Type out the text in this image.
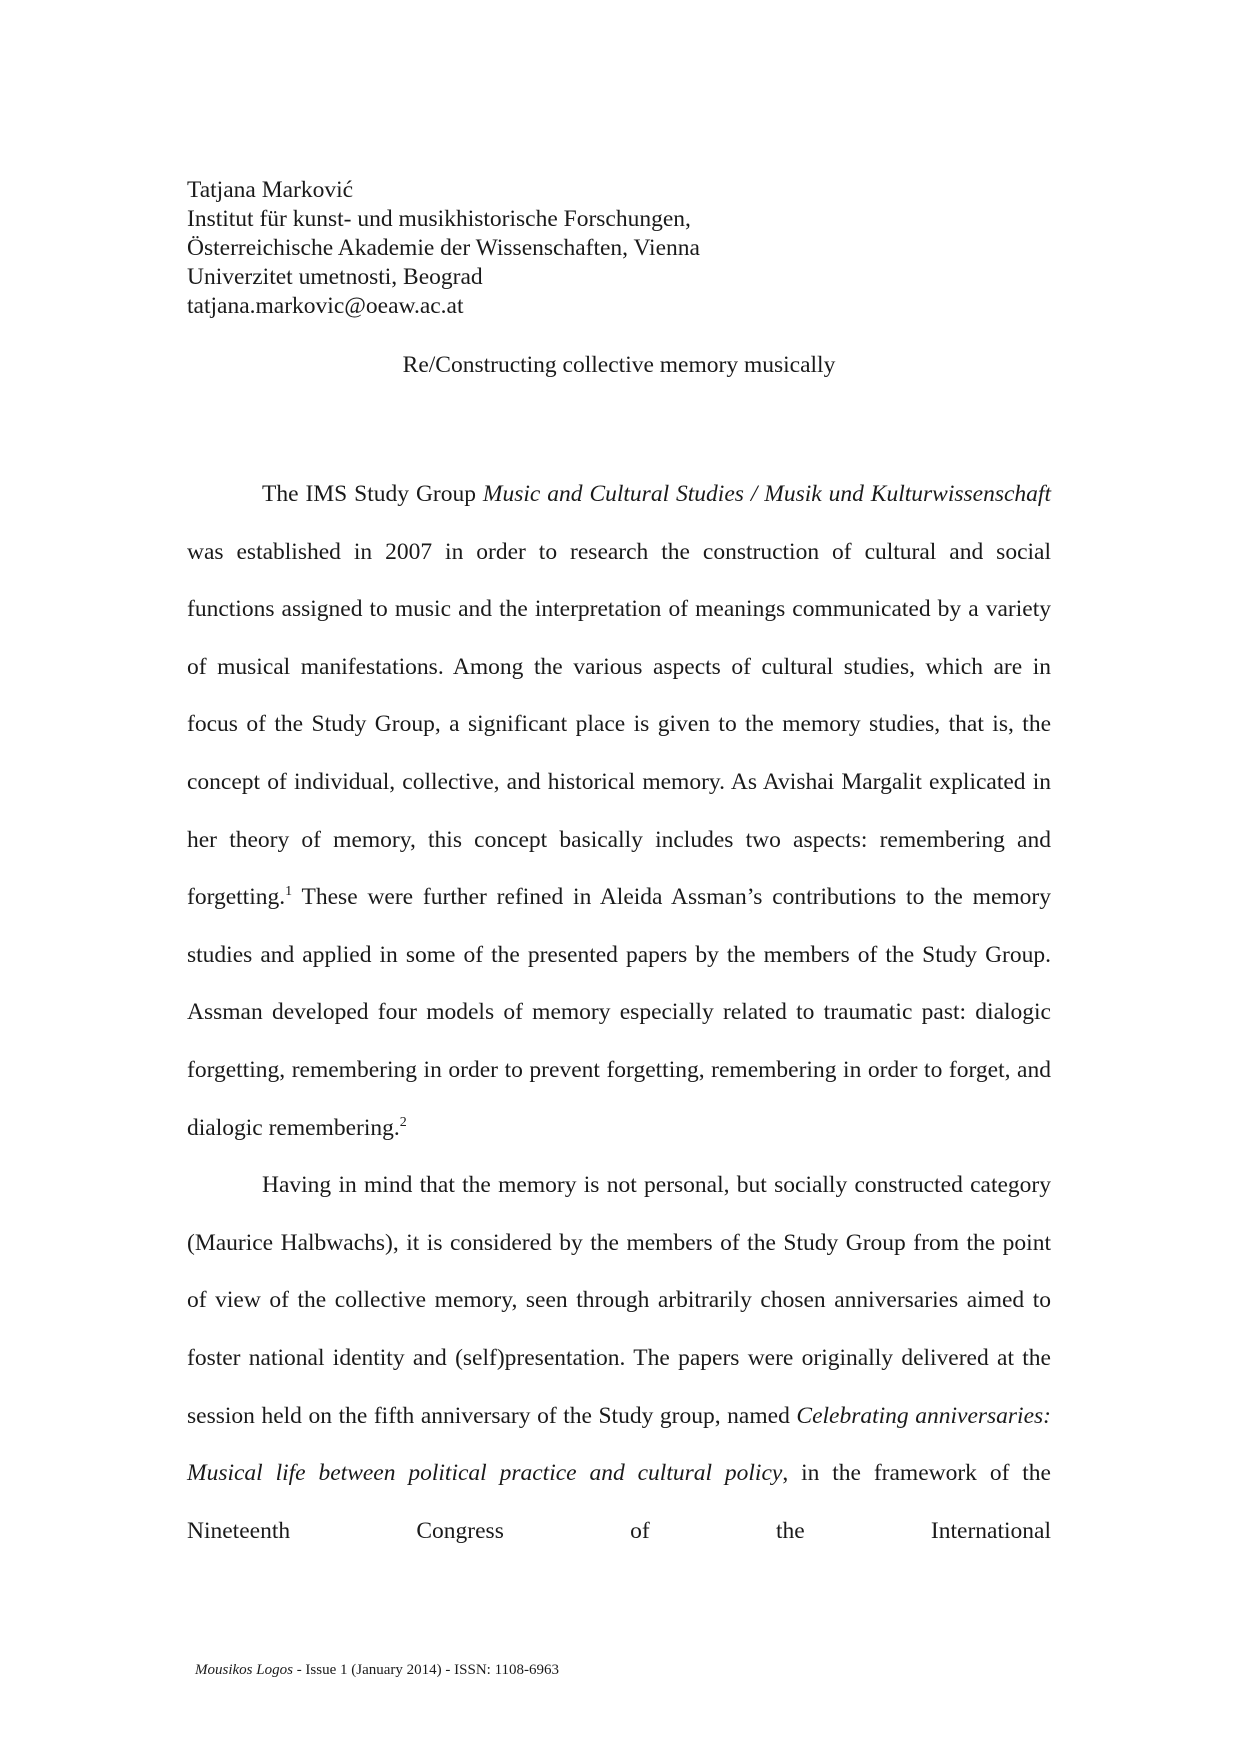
Tatjana Marković
Institut für kunst- und musikhistorische Forschungen,
Österreichische Akademie der Wissenschaften, Vienna
Univerzitet umetnosti, Beograd
tatjana.markovic@oeaw.ac.at
Re/Constructing collective memory musically

The IMS Study Group Music and Cultural Studies / Musik und Kulturwissenschaft was established in 2007 in order to research the construction of cultural and social functions assigned to music and the interpretation of meanings communicated by a variety of musical manifestations. Among the various aspects of cultural studies, which are in focus of the Study Group, a significant place is given to the memory studies, that is, the concept of individual, collective, and historical memory. As Avishai Margalit explicated in her theory of memory, this concept basically includes two aspects: remembering and forgetting.$^1$ These were further refined in Aleida Assman’s contributions to the memory studies and applied in some of the presented papers by the members of the Study Group. Assman developed four models of memory especially related to traumatic past: dialogic forgetting, remembering in order to prevent forgetting, remembering in order to forget, and dialogic remembering.$^2$

Having in mind that the memory is not personal, but socially constructed category (Maurice Halbwachs), it is considered by the members of the Study Group from the point of view of the collective memory, seen through arbitrarily chosen anniversaries aimed to foster national identity and (self)presentation. The papers were originally delivered at the session held on the fifth anniversary of the Study group, named Celebrating anniversaries: Musical life between political practice and cultural policy, in the framework of the Nineteenth Congress of the International

Mousikos Logos - Issue 1 (January 2014) - ISSN: 1108-6963
